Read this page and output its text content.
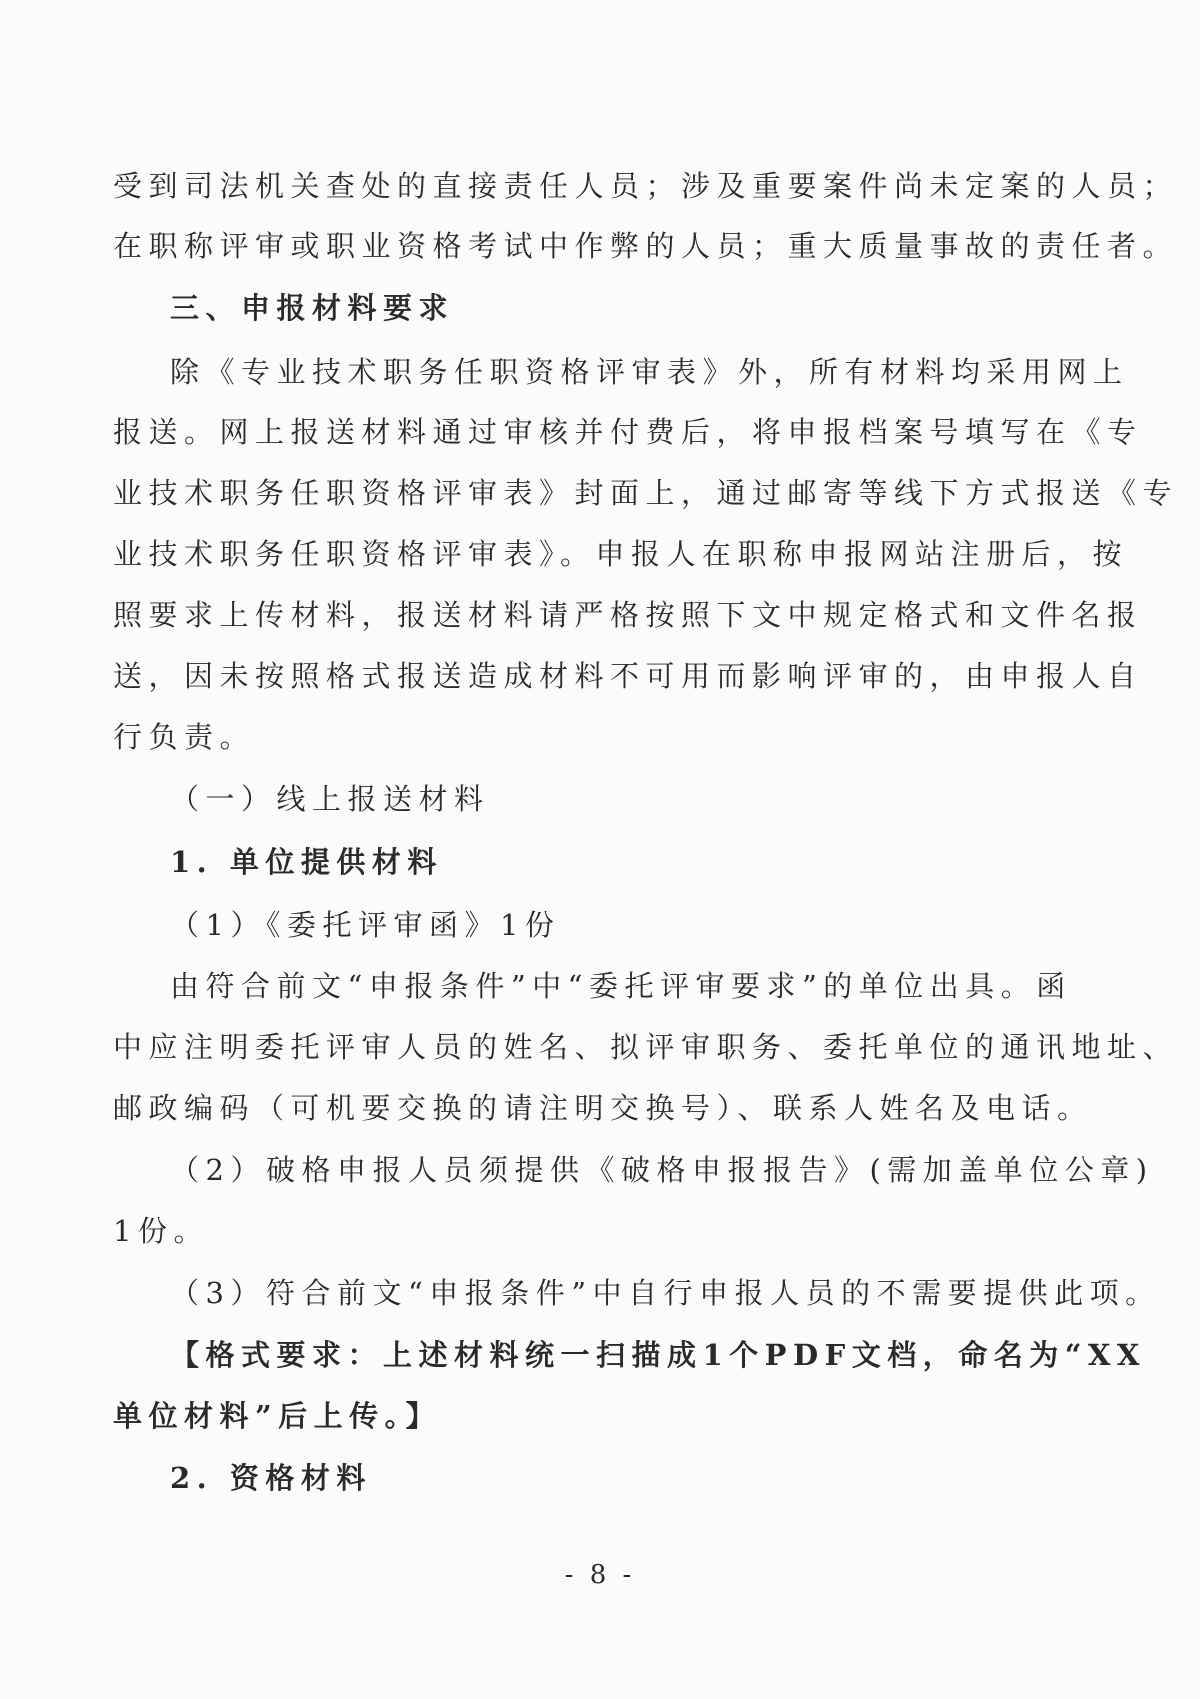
受到司法机关查处的直接责任人员；涉及重要案件尚未定案的人员；
在职称评审或职业资格考试中作弊的人员；重大质量事故的责任者。
三、申报材料要求
除《专业技术职务任职资格评审表》外，所有材料均采用网上
报送。网上报送材料通过审核并付费后，将申报档案号填写在《专
业技术职务任职资格评审表》封面上，通过邮寄等线下方式报送《专
业技术职务任职资格评审表》。申报人在职称申报网站注册后，按
照要求上传材料，报送材料请严格按照下文中规定格式和文件名报
送，因未按照格式报送造成材料不可用而影响评审的，由申报人自
行负责。
（一）线上报送材料
1. 单位提供材料
（1）《委托评审函》1份
由符合前文“申报条件”中“委托评审要求”的单位出具。函
中应注明委托评审人员的姓名、拟评审职务、委托单位的通讯地址、
邮政编码（可机要交换的请注明交换号）、联系人姓名及电话。
（2）破格申报人员须提供《破格申报报告》(需加盖单位公章)
1份。
（3）符合前文“申报条件”中自行申报人员的不需要提供此项。
【格式要求：上述材料统一扫描成1个PDF文档，命名为“XX
单位材料”后上传。】
2. 资格材料
- 8 -
